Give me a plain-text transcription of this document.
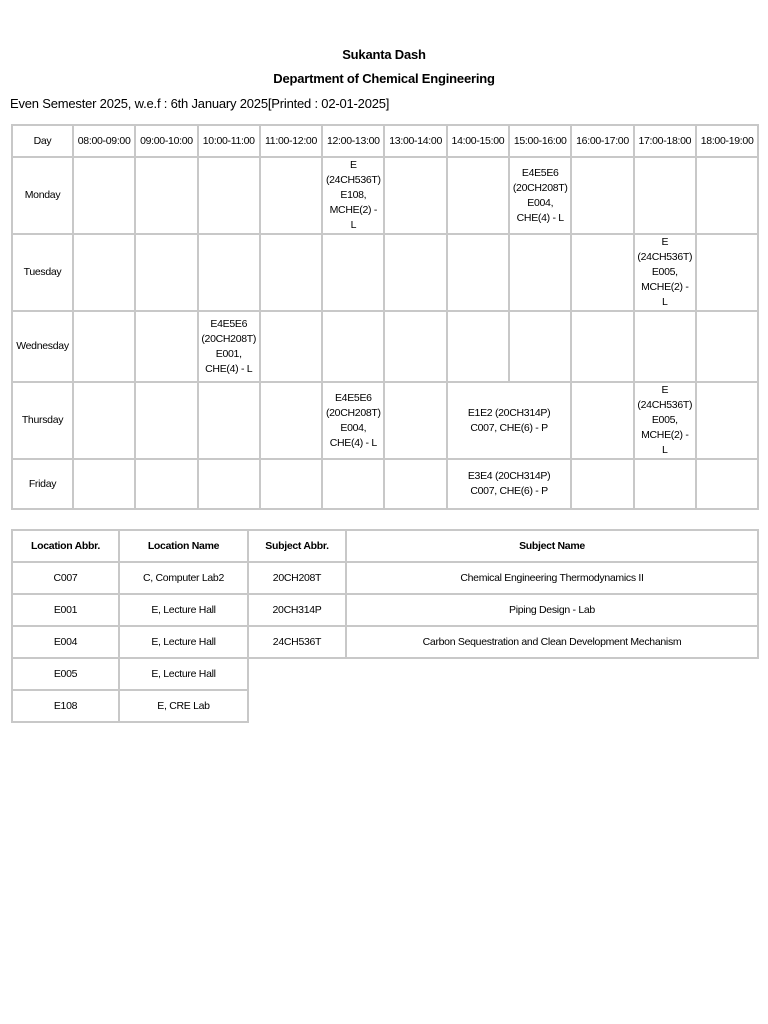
Sukanta Dash
Department of Chemical Engineering
Even Semester 2025, w.e.f : 6th January 2025[Printed : 02-01-2025]
Day	08:00-09:00	09:00-10:00	10:00-11:00	11:00-12:00	12:00-13:00	13:00-14:00	14:00-15:00	15:00-16:00	16:00-17:00	17:00-18:00	18:00-19:00
Monday					E (24CH536T)
E108, MCHE(2) -
L			E4E5E6
(20CH208T)
E004, CHE(4) - L			

Tuesday										E (24CH536T)
E005, MCHE(2) -
L	

Wednesday			E4E5E6
(20CH208T)
E001, CHE(4) - L								

Thursday					E4E5E6
(20CH208T)
E004, CHE(4) - L		E1E2 (20CH314P)
C007, CHE(6) - P			E (24CH536T)
E005, MCHE(2) -
L	

Friday							E3E4 (20CH314P)
C007, CHE(6) - P				

Location Abbr.	Location Name
C007	C, Computer Lab2
E001	E, Lecture Hall
E004	E, Lecture Hall
E005	E, Lecture Hall
E108	E, CRE Lab
Subject Abbr.	Subject Name
20CH208T	Chemical Engineering Thermodynamics II
20CH314P	Piping Design - Lab
24CH536T	Carbon Sequestration and Clean Development Mechanism
